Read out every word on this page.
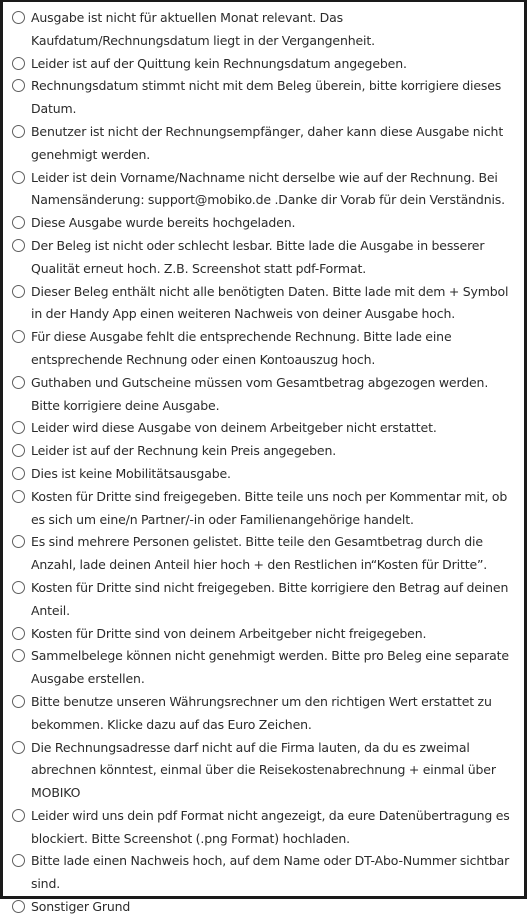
Ausgabe ist nicht für aktuellen Monat relevant. Das Kaufdatum/Rechnungsdatum liegt in der Vergangenheit.
Leider ist auf der Quittung kein Rechnungsdatum angegeben.
Rechnungsdatum stimmt nicht mit dem Beleg überein, bitte korrigiere dieses Datum.
Benutzer ist nicht der Rechnungsempfänger, daher kann diese Ausgabe nicht genehmigt werden.
Leider ist dein Vorname/Nachname nicht derselbe wie auf der Rechnung. Bei Namensänderung: support@mobiko.de .Danke dir Vorab für dein Verständnis.
Diese Ausgabe wurde bereits hochgeladen.
Der Beleg ist nicht oder schlecht lesbar. Bitte lade die Ausgabe in besserer Qualität erneut hoch. Z.B. Screenshot statt pdf-Format.
Dieser Beleg enthält nicht alle benötigten Daten. Bitte lade mit dem + Symbol in der Handy App einen weiteren Nachweis von deiner Ausgabe hoch.
Für diese Ausgabe fehlt die entsprechende Rechnung. Bitte lade eine entsprechende Rechnung oder einen Kontoauszug hoch.
Guthaben und Gutscheine müssen vom Gesamtbetrag abgezogen werden. Bitte korrigiere deine Ausgabe.
Leider wird diese Ausgabe von deinem Arbeitgeber nicht erstattet.
Leider ist auf der Rechnung kein Preis angegeben.
Dies ist keine Mobilitätsausgabe.
Kosten für Dritte sind freigegeben. Bitte teile uns noch per Kommentar mit, ob es sich um eine/n Partner/-in oder Familienangehörige handelt.
Es sind mehrere Personen gelistet. Bitte teile den Gesamtbetrag durch die Anzahl, lade deinen Anteil hier hoch + den Restlichen in“Kosten für Dritte”.
Kosten für Dritte sind nicht freigegeben. Bitte korrigiere den Betrag auf deinen Anteil.
Kosten für Dritte sind von deinem Arbeitgeber nicht freigegeben.
Sammelbelege können nicht genehmigt werden. Bitte pro Beleg eine separate Ausgabe erstellen.
Bitte benutze unseren Währungsrechner um den richtigen Wert erstattet zu bekommen. Klicke dazu auf das Euro Zeichen.
Die Rechnungsadresse darf nicht auf die Firma lauten, da du es zweimal abrechnen könntest, einmal über die Reisekostenabrechnung + einmal über MOBIKO
Leider wird uns dein pdf Format nicht angezeigt, da eure Datenübertragung es blockiert. Bitte Screenshot (.png Format) hochladen.
Bitte lade einen Nachweis hoch, auf dem Name oder DT-Abo-Nummer sichtbar sind.
Sonstiger Grund
